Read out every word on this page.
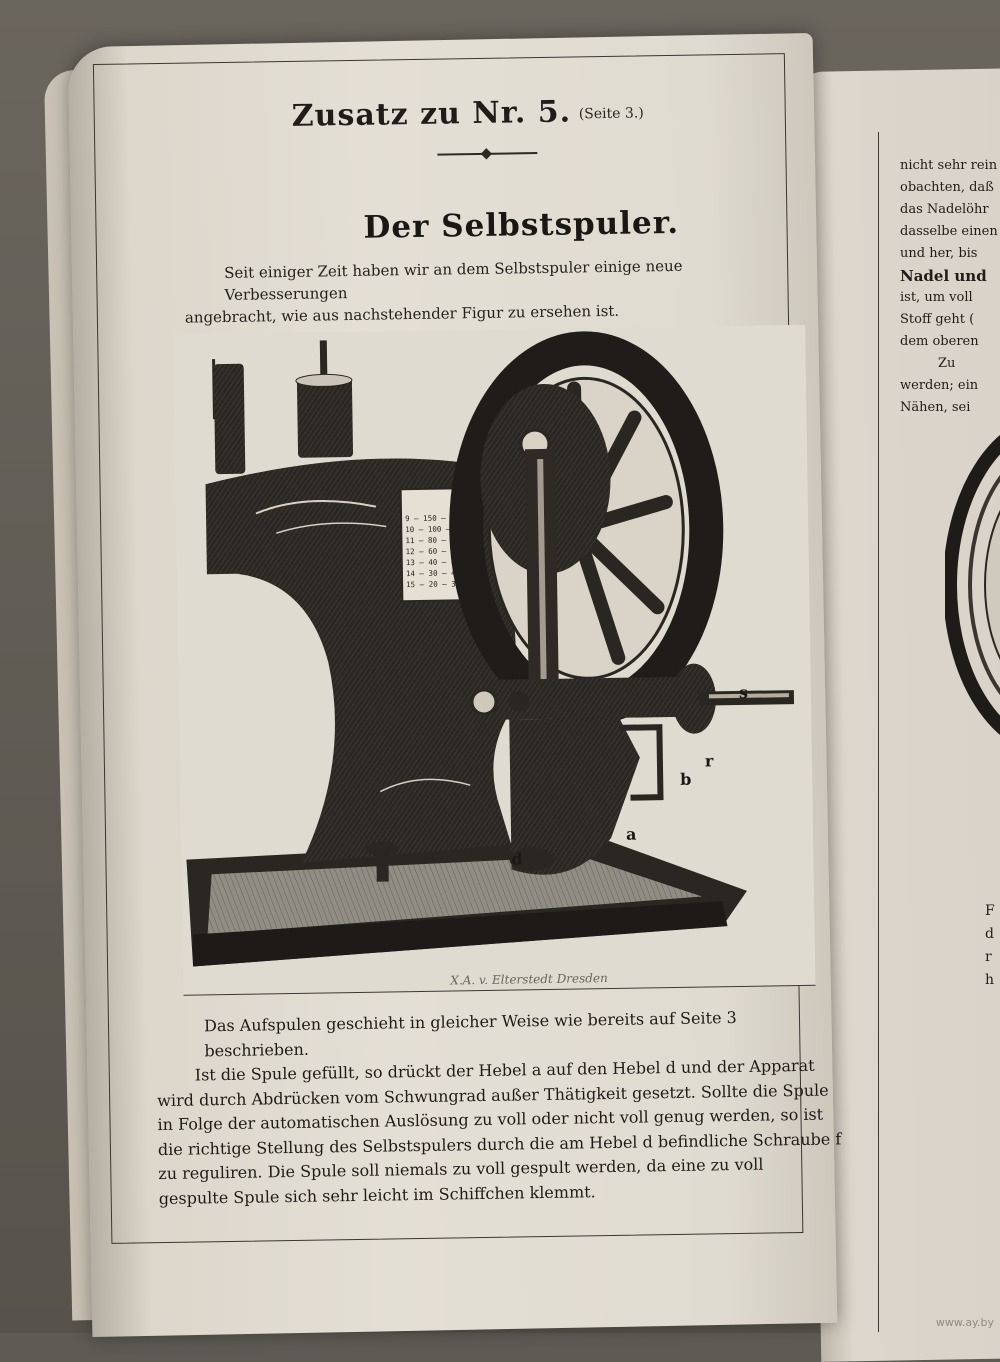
nicht sehr rein
obachten, daß
das Nadelöhr
dasselbe einen
und her, bis
Nadel und
ist, um voll
Stoff geht (
dem oberen
Zu
werden; ein
Nähen, sei
F
d
r
h
Zusatz zu Nr. 5. (Seite 3.)
Der Selbstspuler.
Seit einiger Zeit haben wir an dem Selbstspuler einige neue Verbesserungen
angebracht, wie aus nachstehender Figur zu ersehen ist.
9 – 150 – 200
10 – 100 – 150
11 – 80 – 100
12 – 60 – 80
13 – 40 – 60
14 – 30 – 40
15 – 20 – 30
s
r
b
a
d
X.A. v. Elterstedt Dresden

Das Aufspulen geschieht in gleicher Weise wie bereits auf Seite 3 beschrieben.

Ist die Spule gefüllt, so drückt der Hebel a auf den Hebel d und der Apparat

wird durch Abdrücken vom Schwungrad außer Thätigkeit gesetzt. Sollte die Spule

in Folge der automatischen Auslösung zu voll oder nicht voll genug werden, so ist

die richtige Stellung des Selbstspulers durch die am Hebel d befindliche Schraube f

zu reguliren. Die Spule soll niemals zu voll gespult werden, da eine zu voll

gespulte Spule sich sehr leicht im Schiffchen klemmt.

www.ay.by
